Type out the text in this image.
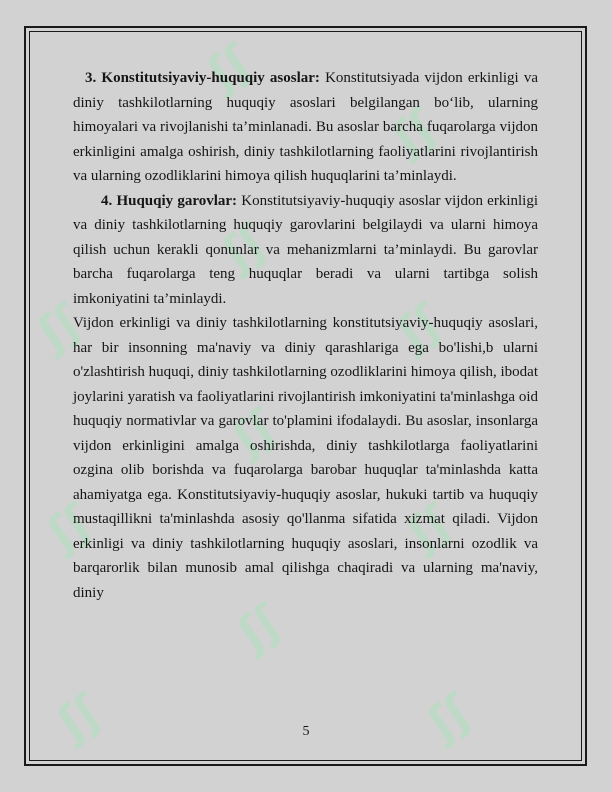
ʃʃ
ʃʃ
ʃʃ
ʃʃ	ʃʃ
ʃʃ
ʃʃ	ʃʃ
ʃʃ
ʃʃ	ʃʃ

3. Konstitutsiyaviy-huquqiy asoslar: Konstitutsiyada vijdon erkinligi va diniy tashkilotlarning huquqiy asoslari belgilangan bo‘lib, ularning himoyalari va rivojlanishi ta’minlanadi. Bu asoslar barcha fuqarolarga vijdon erkinligini amalga oshirish, diniy tashkilotlarning faoliyatlarini rivojlantirish va ularning ozodliklarini himoya qilish huquqlarini ta’minlaydi.

4. Huquqiy garovlar: Konstitutsiyaviy-huquqiy asoslar vijdon erkinligi va diniy tashkilotlarning huquqiy garovlarini belgilaydi va ularni himoya qilish uchun kerakli qonunlar va mehanizmlarni ta’minlaydi. Bu garovlar barcha fuqarolarga teng huquqlar beradi va ularni tartibga solish imkoniyatini ta’minlaydi.

Vijdon erkinligi va diniy tashkilotlarning konstitutsiyaviy-huquqiy asoslari, har bir insonning ma'naviy va diniy qarashlariga ega bo'lishi,b ularni o'zlashtirish huquqi, diniy tashkilotlarning ozodliklarini himoya qilish, ibodat joylarini yaratish va faoliyatlarini rivojlantirish imkoniyatini ta'minlashga oid huquqiy normativlar va garovlar to'plamini ifodalaydi. Bu asoslar, insonlarga vijdon erkinligini amalga oshirishda, diniy tashkilotlarga faoliyatlarini ozgina olib borishda va fuqarolarga barobar huquqlar ta'minlashda katta ahamiyatga ega. Konstitutsiyaviy-huquqiy asoslar, hukuki tartib va huquqiy mustaqillikni ta'minlashda asosiy qo'llanma sifatida xizmat qiladi. Vijdon erkinligi va diniy tashkilotlarning huquqiy asoslari, insonlarni ozodlik va barqarorlik bilan munosib amal qilishga chaqiradi va ularning ma'naviy, diniy

5
